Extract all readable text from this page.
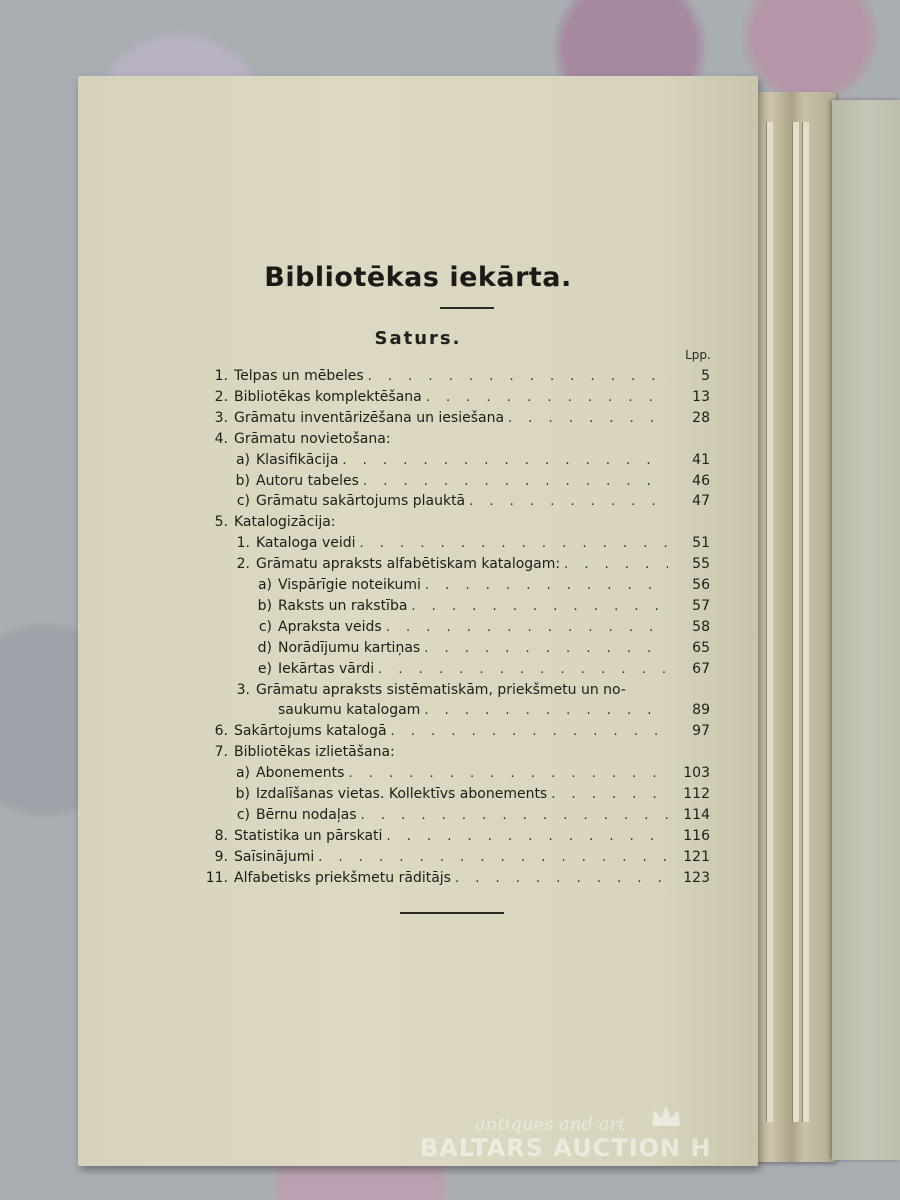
Bibliotēkas iekārta.
Saturs.
Lpp.
1. Telpas un mēbeles . . .	5
2. Bibliotēkas komplektēšana . . .	13
3. Grāmatu inventārizēšana un iesiešana . . .	28
4. Grāmatu novietošana:
a) Klasifikācija . . .	41
b) Autoru tabeles . . .	46
c) Grāmatu sakārtojums plauktā . . .	47
5. Katalogizācija:
1. Kataloga veidi . . .	51
2. Grāmatu apraksts alfabētiskam katalogam: . . .	55
a) Vispārīgie noteikumi . . .	56
b) Raksts un rakstība . . .	57
c) Apraksta veids . . .	58
d) Norādījumu kartiņas . . .	65
e) Iekārtas vārdi . . .	67
3. Grāmatu apraksts sistēmatiskām, priekšmetu un no-
saukumu katalogam . . .	89
6. Sakārtojums katalogā . . .	97
7. Bibliotēkas izlietāšana:
a) Abonements . . .	103
b) Izdalīšanas vietas. Kollektīvs abonements . . .	112
c) Bērnu nodaļas . . .	114
8. Statistika un pārskati . . .	116
9. Saīsinājumi . . .	121
11. Alfabetisks priekšmetu rāditājs . . .	123
antiques and art
BALTARS AUCTION H
